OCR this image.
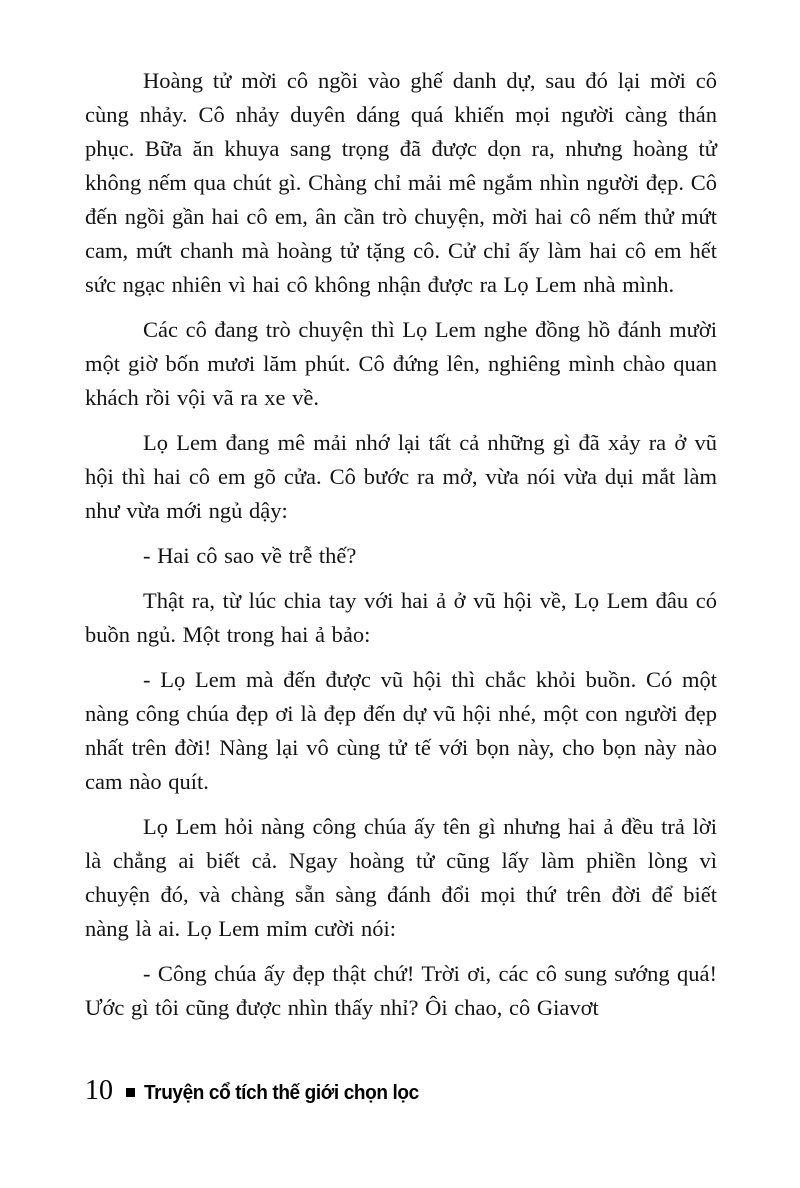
Hoàng tử mời cô ngồi vào ghế danh dự, sau đó lại mời cô cùng nhảy. Cô nhảy duyên dáng quá khiến mọi người càng thán phục. Bữa ăn khuya sang trọng đã được dọn ra, nhưng hoàng tử không nếm qua chút gì. Chàng chỉ mải mê ngắm nhìn người đẹp. Cô đến ngồi gần hai cô em, ân cần trò chuyện, mời hai cô nếm thử mứt cam, mứt chanh mà hoàng tử tặng cô. Cử chỉ ấy làm hai cô em hết sức ngạc nhiên vì hai cô không nhận được ra Lọ Lem nhà mình.

Các cô đang trò chuyện thì Lọ Lem nghe đồng hồ đánh mười một giờ bốn mươi lăm phút. Cô đứng lên, nghiêng mình chào quan khách rồi vội vã ra xe về.

Lọ Lem đang mê mải nhớ lại tất cả những gì đã xảy ra ở vũ hội thì hai cô em gõ cửa. Cô bước ra mở, vừa nói vừa dụi mắt làm như vừa mới ngủ dậy:

- Hai cô sao về trễ thế?

Thật ra, từ lúc chia tay với hai ả ở vũ hội về, Lọ Lem đâu có buồn ngủ. Một trong hai ả bảo:

- Lọ Lem mà đến được vũ hội thì chắc khỏi buồn. Có một nàng công chúa đẹp ơi là đẹp đến dự vũ hội nhé, một con người đẹp nhất trên đời! Nàng lại vô cùng tử tế với bọn này, cho bọn này nào cam nào quít.

Lọ Lem hỏi nàng công chúa ấy tên gì nhưng hai ả đều trả lời là chẳng ai biết cả. Ngay hoàng tử cũng lấy làm phiền lòng vì chuyện đó, và chàng sẵn sàng đánh đổi mọi thứ trên đời để biết nàng là ai. Lọ Lem mỉm cười nói:

- Công chúa ấy đẹp thật chứ! Trời ơi, các cô sung sướng quá! Ước gì tôi cũng được nhìn thấy nhỉ? Ôi chao, cô Giavơt

10 Truyện cổ tích thế giới chọn lọc
